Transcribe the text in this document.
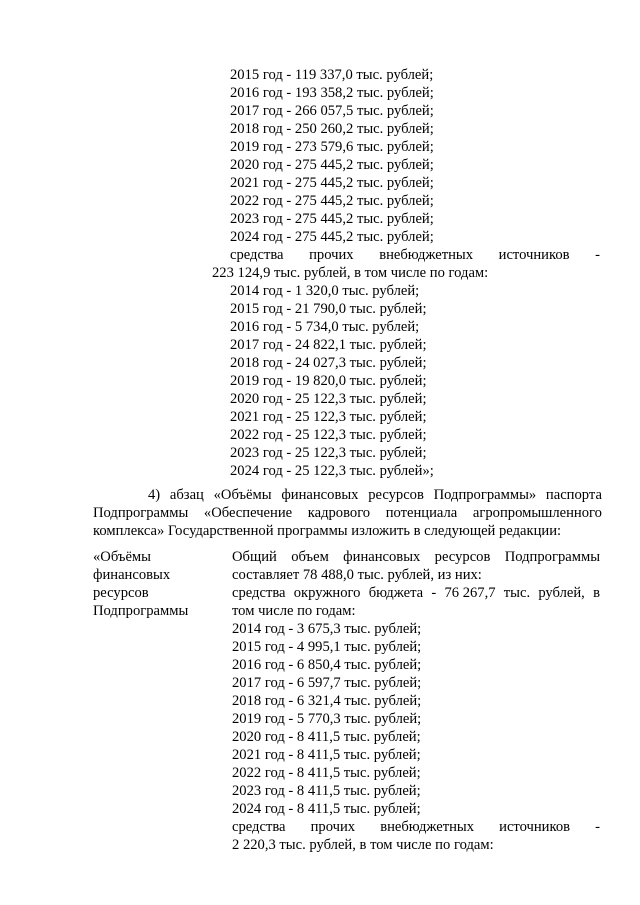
2015 год - 119 337,0 тыс. рублей;
2016 год - 193 358,2 тыс. рублей;
2017 год - 266 057,5 тыс. рублей;
2018 год - 250 260,2 тыс. рублей;
2019 год - 273 579,6 тыс. рублей;
2020 год - 275 445,2 тыс. рублей;
2021 год - 275 445,2 тыс. рублей;
2022 год - 275 445,2 тыс. рублей;
2023 год - 275 445,2 тыс. рублей;
2024 год - 275 445,2 тыс. рублей;
средства прочих внебюджетных источников -
223 124,9 тыс. рублей, в том числе по годам:
2014 год - 1 320,0 тыс. рублей;
2015 год - 21 790,0 тыс. рублей;
2016 год - 5 734,0 тыс. рублей;
2017 год - 24 822,1 тыс. рублей;
2018 год - 24 027,3 тыс. рублей;
2019 год - 19 820,0 тыс. рублей;
2020 год - 25 122,3 тыс. рублей;
2021 год - 25 122,3 тыс. рублей;
2022 год - 25 122,3 тыс. рублей;
2023 год - 25 122,3 тыс. рублей;
2024 год - 25 122,3 тыс. рублей»;
4) абзац «Объёмы финансовых ресурсов Подпрограммы» паспорта
Подпрограммы «Обеспечение кадрового потенциала агропромышленного
комплекса» Государственной программы изложить в следующей редакции:
«Объёмы
финансовых
ресурсов
Подпрограммы
Общий объем финансовых ресурсов Подпрограммы
составляет 78 488,0 тыс. рублей, из них:
средства окружного бюджета - 76 267,7 тыс. рублей, в
том числе по годам:
2014 год - 3 675,3 тыс. рублей;
2015 год - 4 995,1 тыс. рублей;
2016 год - 6 850,4 тыс. рублей;
2017 год - 6 597,7 тыс. рублей;
2018 год - 6 321,4 тыс. рублей;
2019 год - 5 770,3 тыс. рублей;
2020 год - 8 411,5 тыс. рублей;
2021 год - 8 411,5 тыс. рублей;
2022 год - 8 411,5 тыс. рублей;
2023 год - 8 411,5 тыс. рублей;
2024 год - 8 411,5 тыс. рублей;
средства прочих внебюджетных источников -
2 220,3 тыс. рублей, в том числе по годам:
